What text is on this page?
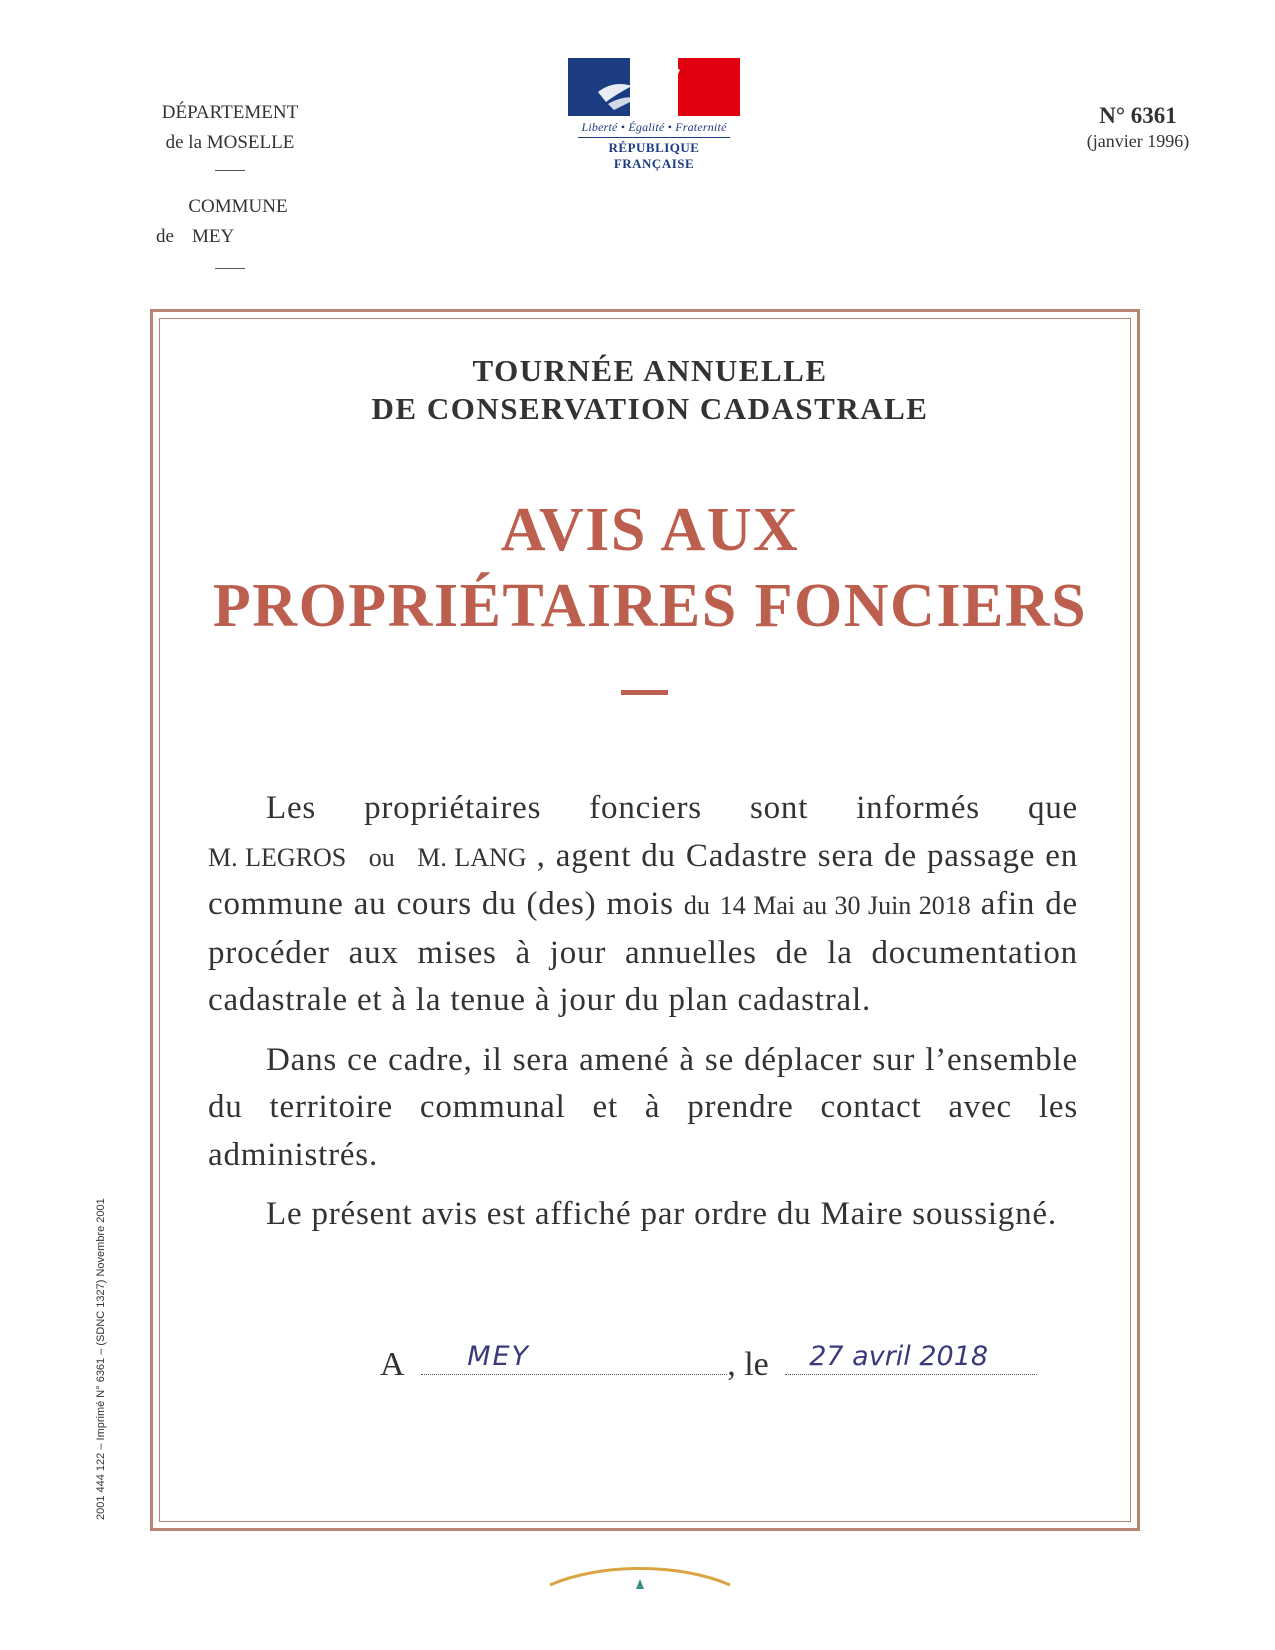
DÉPARTEMENT
de la MOSELLE
COMMUNE
de MEY
Liberté • Égalité • Fraternité
RÉPUBLIQUE FRANÇAISE
N° 6361
(janvier 1996)
TOURNÉE ANNUELLE
DE CONSERVATION CADASTRALE
AVIS AUX
PROPRIÉTAIRES FONCIERS

Les propriétaires fonciers sont informés que M. LEGROS   ou   M. LANG , agent du Cadastre sera de passage en commune au cours du (des) mois du 14 Mai au 30 Juin 2018 afin de procéder aux mises à jour annuelles de la documentation cadastrale et à la tenue à jour du plan cadastral.

Dans ce cadre, il sera amené à se déplacer sur l’ensemble du territoire communal et à prendre contact avec les administrés.

Le présent avis est affiché par ordre du Maire soussigné.

A MEY	, le 27 avril 2018
2001 444 122 – Imprimé N° 6361 – (SDNC 1327) Novembre 2001
